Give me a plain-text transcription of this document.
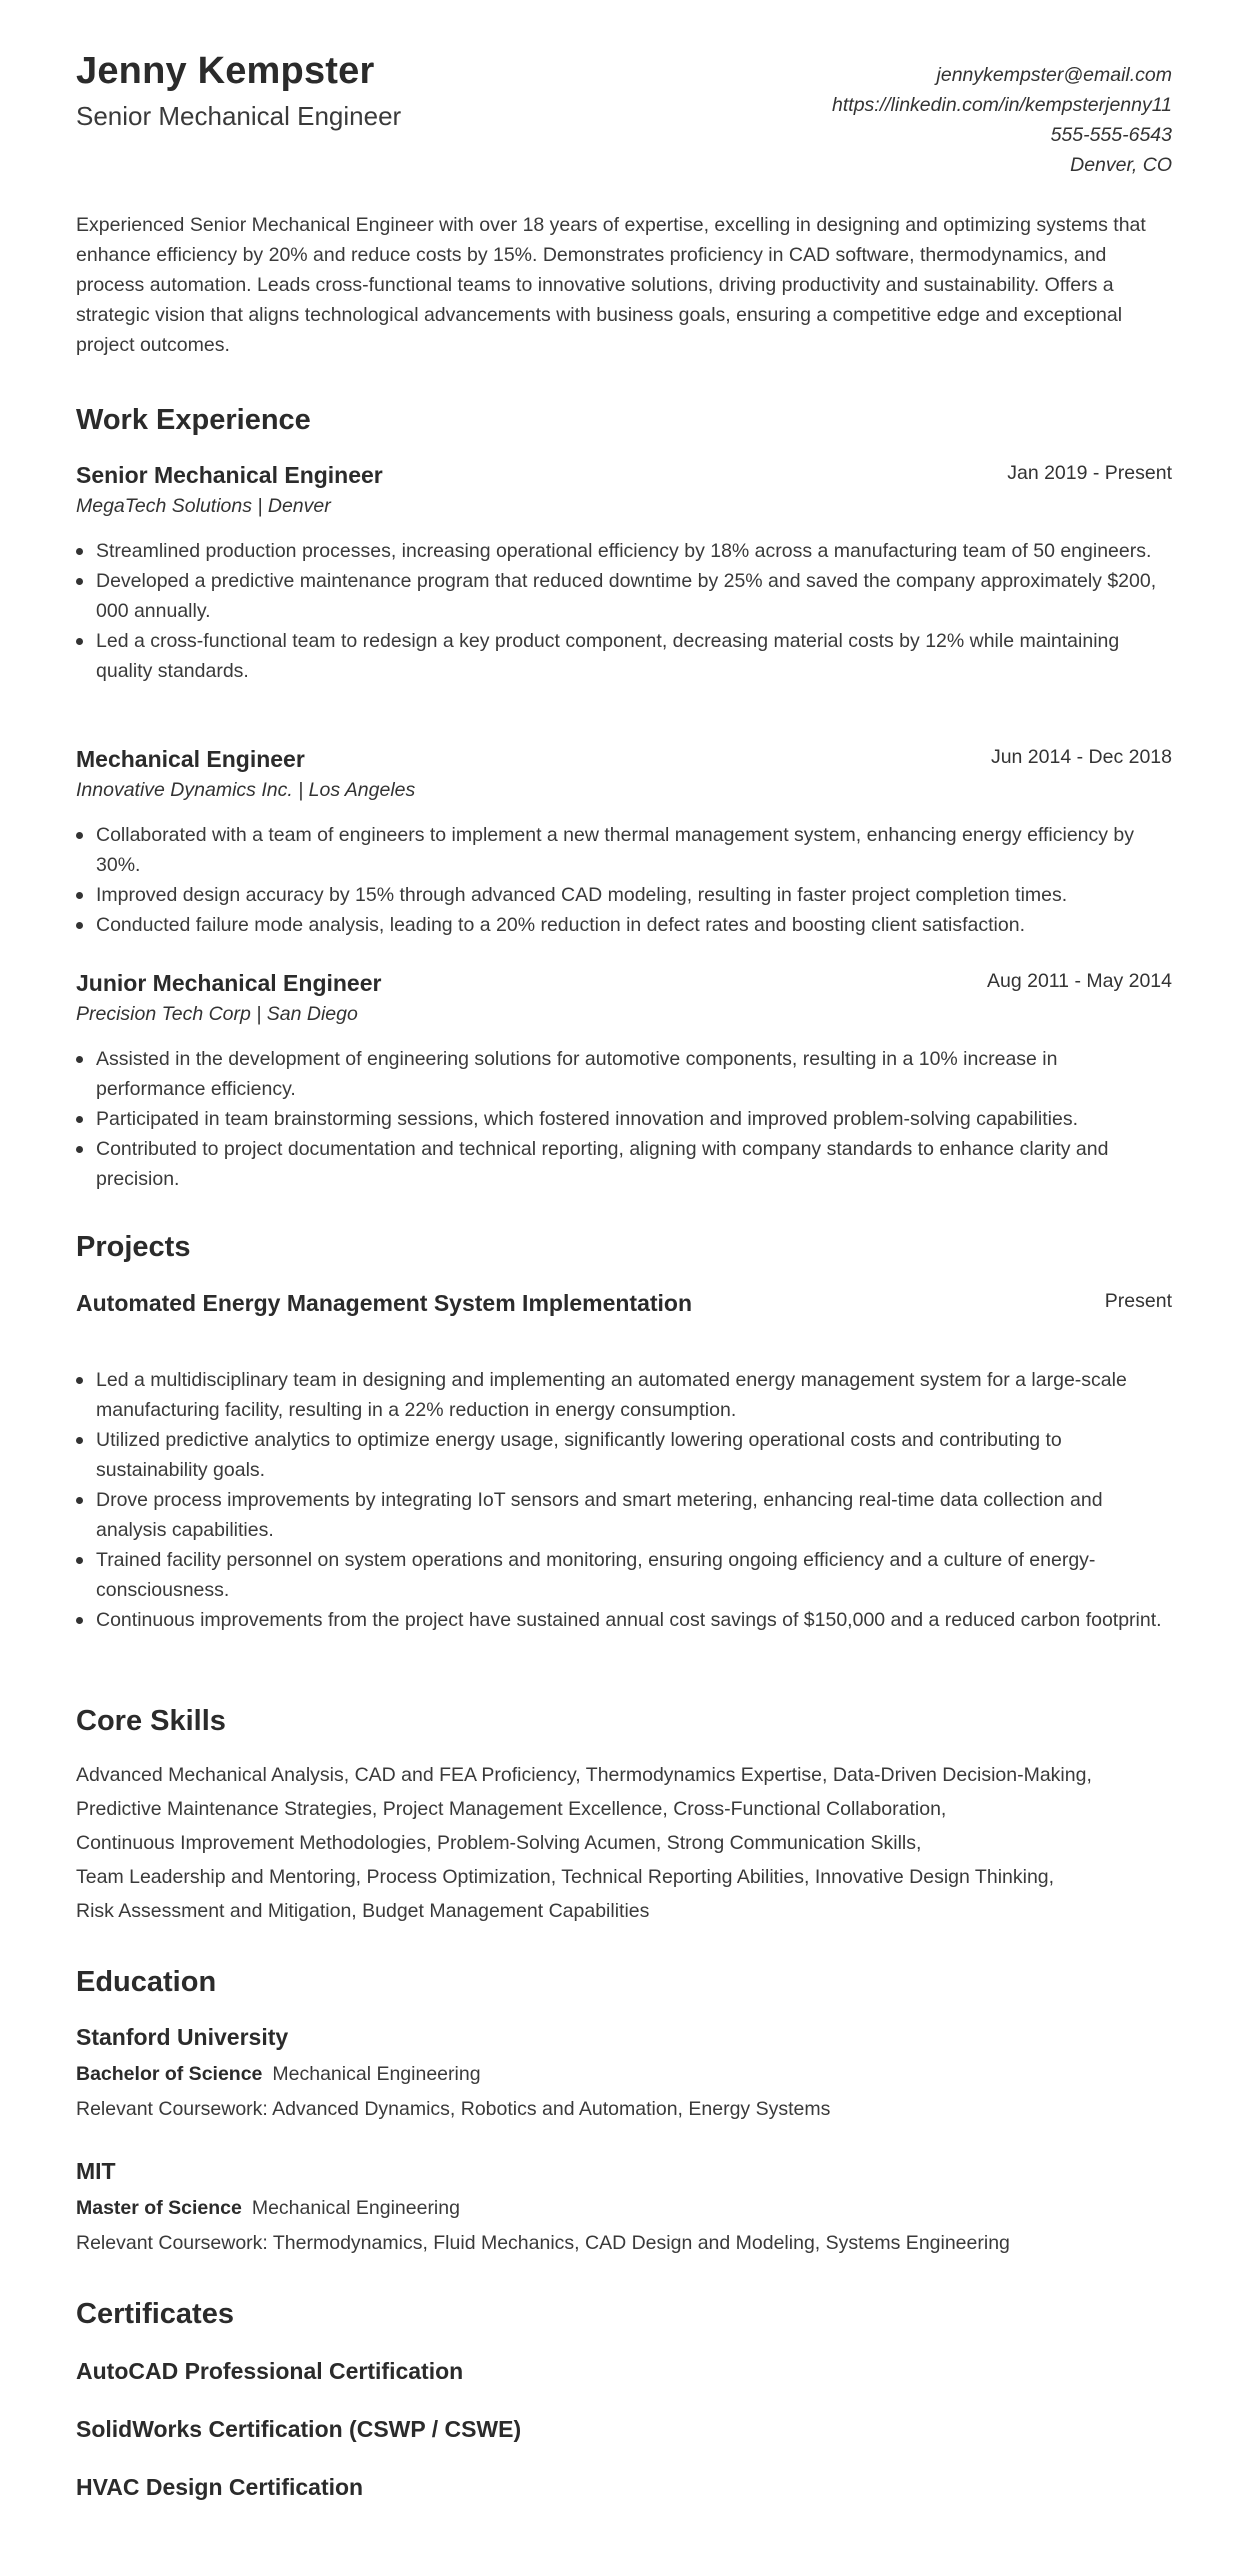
Jenny Kempster
Senior Mechanical Engineer
jennykempster@email.com
https://linkedin.com/in/kempsterjenny11
555-555-6543
Denver, CO
Experienced Senior Mechanical Engineer with over 18 years of expertise, excelling in designing and optimizing systems that enhance efficiency by 20% and reduce costs by 15%. Demonstrates proficiency in CAD software, thermodynamics, and process automation. Leads cross-functional teams to innovative solutions, driving productivity and sustainability. Offers a strategic vision that aligns technological advancements with business goals, ensuring a competitive edge and exceptional project outcomes.
Work Experience
Senior Mechanical Engineer	Jan 2019 - Present
MegaTech Solutions | Denver
Streamlined production processes, increasing operational efficiency by 18% across a manufacturing team of 50 engineers.
Developed a predictive maintenance program that reduced downtime by 25% and saved the company approximately $200, 000 annually.
Led a cross-functional team to redesign a key product component, decreasing material costs by 12% while maintaining quality standards.
Mechanical Engineer	Jun 2014 - Dec 2018
Innovative Dynamics Inc. | Los Angeles
Collaborated with a team of engineers to implement a new thermal management system, enhancing energy efficiency by 30%.
Improved design accuracy by 15% through advanced CAD modeling, resulting in faster project completion times.
Conducted failure mode analysis, leading to a 20% reduction in defect rates and boosting client satisfaction.
Junior Mechanical Engineer	Aug 2011 - May 2014
Precision Tech Corp | San Diego
Assisted in the development of engineering solutions for automotive components, resulting in a 10% increase in performance efficiency.
Participated in team brainstorming sessions, which fostered innovation and improved problem-solving capabilities.
Contributed to project documentation and technical reporting, aligning with company standards to enhance clarity and precision.
Projects
Automated Energy Management System Implementation	Present
Led a multidisciplinary team in designing and implementing an automated energy management system for a large-scale manufacturing facility, resulting in a 22% reduction in energy consumption.
Utilized predictive analytics to optimize energy usage, significantly lowering operational costs and contributing to sustainability goals.
Drove process improvements by integrating IoT sensors and smart metering, enhancing real-time data collection and analysis capabilities.
Trained facility personnel on system operations and monitoring, ensuring ongoing efficiency and a culture of energy-consciousness.
Continuous improvements from the project have sustained annual cost savings of $150,000 and a reduced carbon footprint.
Core Skills
Advanced Mechanical Analysis, CAD and FEA Proficiency, Thermodynamics Expertise, Data-Driven Decision-Making,
Predictive Maintenance Strategies, Project Management Excellence, Cross-Functional Collaboration,
Continuous Improvement Methodologies, Problem-Solving Acumen, Strong Communication Skills,
Team Leadership and Mentoring, Process Optimization, Technical Reporting Abilities, Innovative Design Thinking,
Risk Assessment and Mitigation, Budget Management Capabilities
Education
Stanford University
Bachelor of Science Mechanical Engineering
Relevant Coursework: Advanced Dynamics, Robotics and Automation, Energy Systems
MIT
Master of Science Mechanical Engineering
Relevant Coursework: Thermodynamics, Fluid Mechanics, CAD Design and Modeling, Systems Engineering
Certificates
AutoCAD Professional Certification
SolidWorks Certification (CSWP / CSWE)
HVAC Design Certification
